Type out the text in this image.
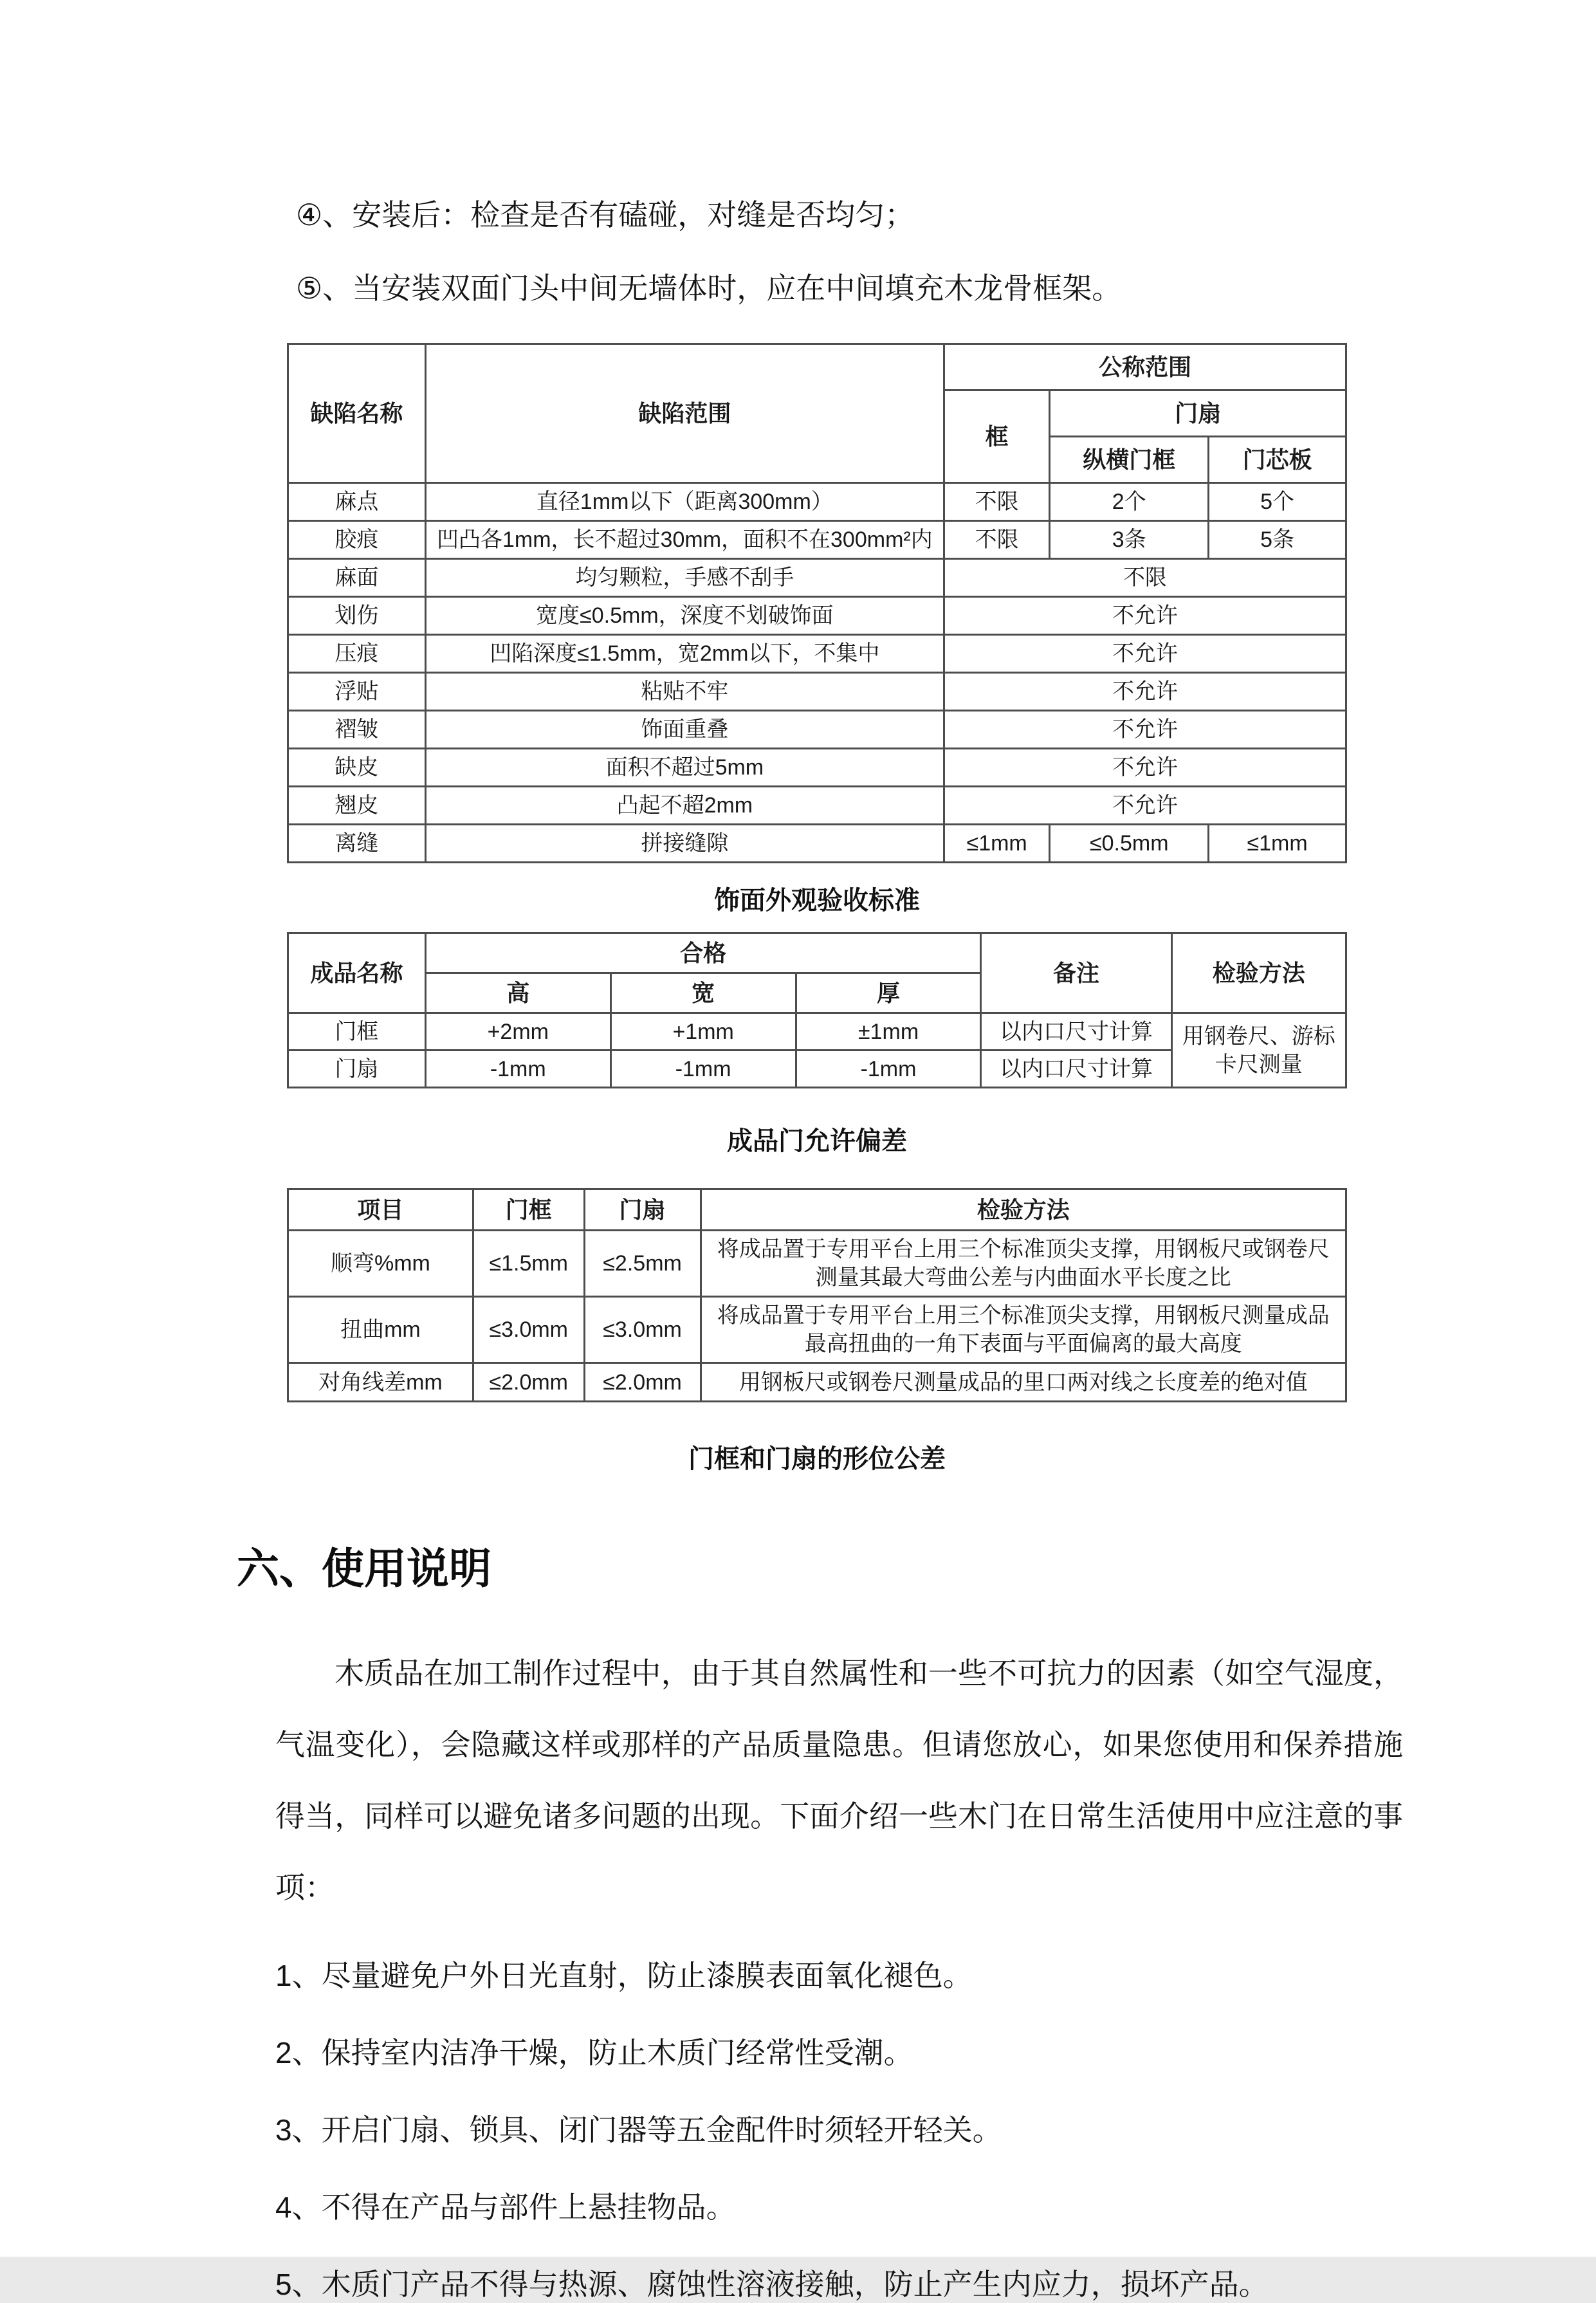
④、安装后：检查是否有磕碰，对缝是否均匀；
⑤、当安装双面门头中间无墙体时，应在中间填充木龙骨框架。
缺陷名称	缺陷范围	公称范围		
		框	门扇	
			纵横门框	门芯板
麻点	直径1mm以下（距离300mm）	不限	2个	5个
胶痕	凹凸各1mm，长不超过30mm，面积不在300mm²内	不限	3条	5条
麻面	均匀颗粒，手感不刮手	不限		
划伤	宽度≤0.5mm，深度不划破饰面	不允许		
压痕	凹陷深度≤1.5mm，宽2mm以下，不集中	不允许		
浮贴	粘贴不牢	不允许		
褶皱	饰面重叠	不允许		
缺皮	面积不超过5mm	不允许		
翘皮	凸起不超2mm	不允许		
离缝	拼接缝隙	≤1mm	≤0.5mm	≤1mm
饰面外观验收标准
成品名称	合格			备注	检验方法
	高	宽	厚		
门框	+2mm	+1mm	±1mm	以内口尺寸计算	用钢卷尺、游标卡尺测量
门扇	-1mm	-1mm	-1mm	以内口尺寸计算	
成品门允许偏差
项目	门框	门扇	检验方法
顺弯%mm	≤1.5mm	≤2.5mm	将成品置于专用平台上用三个标准顶尖支撑，用钢板尺或钢卷尺测量其最大弯曲公差与内曲面水平长度之比
扭曲mm	≤3.0mm	≤3.0mm	将成品置于专用平台上用三个标准顶尖支撑，用钢板尺测量成品最高扭曲的一角下表面与平面偏离的最大高度
对角线差mm	≤2.0mm	≤2.0mm	用钢板尺或钢卷尺测量成品的里口两对线之长度差的绝对值
门框和门扇的形位公差
六、使用说明
木质品在加工制作过程中，由于其自然属性和一些不可抗力的因素（如空气湿度，气温变化），会隐藏这样或那样的产品质量隐患。但请您放心，如果您使用和保养措施得当，同样可以避免诸多问题的出现。下面介绍一些木门在日常生活使用中应注意的事项：
1、尽量避免户外日光直射，防止漆膜表面氧化褪色。
2、保持室内洁净干燥，防止木质门经常性受潮。
3、开启门扇、锁具、闭门器等五金配件时须轻开轻关。
4、不得在产品与部件上悬挂物品。
5、木质门产品不得与热源、腐蚀性溶液接触，防止产生内应力，损坏产品。
